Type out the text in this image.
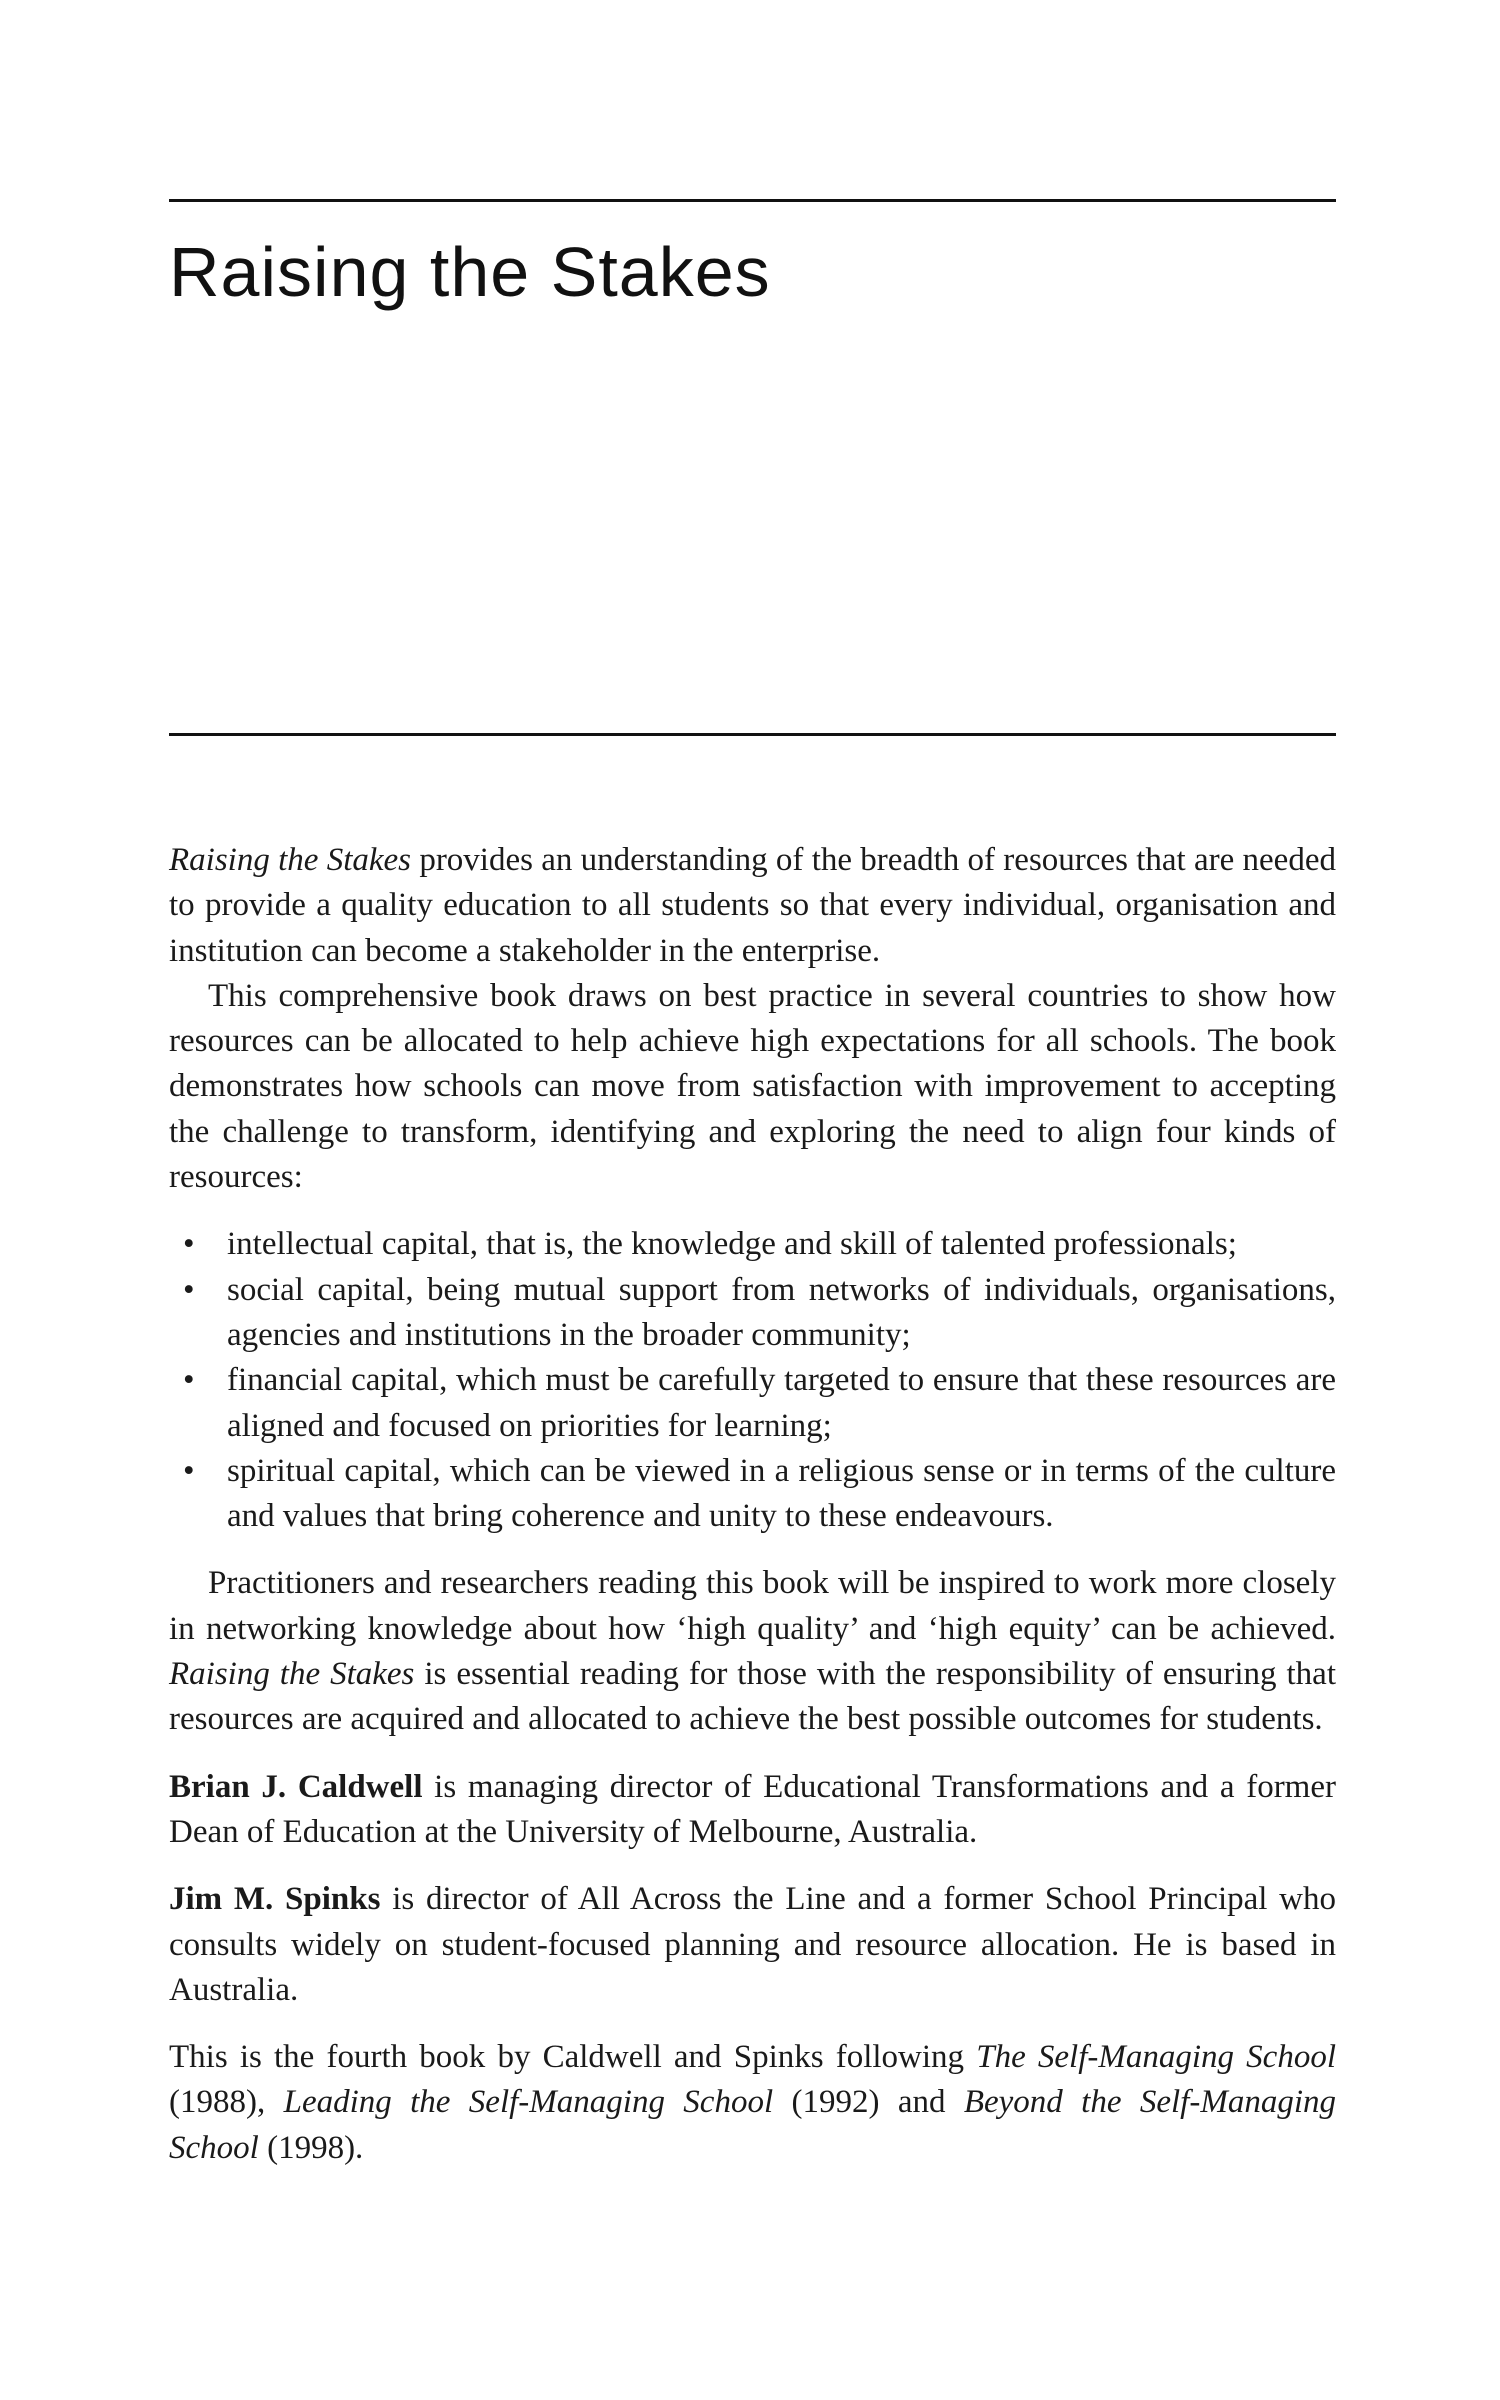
Raising the Stakes

Raising the Stakes provides an understanding of the breadth of resources that are needed to provide a quality education to all students so that every individual, organisation and institution can become a stakeholder in the enterprise.

This comprehensive book draws on best practice in several countries to show how resources can be allocated to help achieve high expectations for all schools. The book demonstrates how schools can move from satisfaction with improvement to accepting the challenge to transform, identifying and exploring the need to align four kinds of resources:

• intellectual capital, that is, the knowledge and skill of talented professionals;
• social capital, being mutual support from networks of individuals, organisations, agencies and institutions in the broader community;
• financial capital, which must be carefully targeted to ensure that these resources are aligned and focused on priorities for learning;
• spiritual capital, which can be viewed in a religious sense or in terms of the culture and values that bring coherence and unity to these endeavours.

Practitioners and researchers reading this book will be inspired to work more closely in networking knowledge about how ‘high quality’ and ‘high equity’ can be achieved. Raising the Stakes is essential reading for those with the responsibility of ensuring that resources are acquired and allocated to achieve the best possible outcomes for students.

Brian J. Caldwell is managing director of Educational Transformations and a former Dean of Education at the University of Melbourne, Australia.

Jim M. Spinks is director of All Across the Line and a former School Principal who consults widely on student-focused planning and resource allocation. He is based in Australia.

This is the fourth book by Caldwell and Spinks following The Self-Managing School (1988), Leading the Self-Managing School (1992) and Beyond the Self-Managing School (1998).
